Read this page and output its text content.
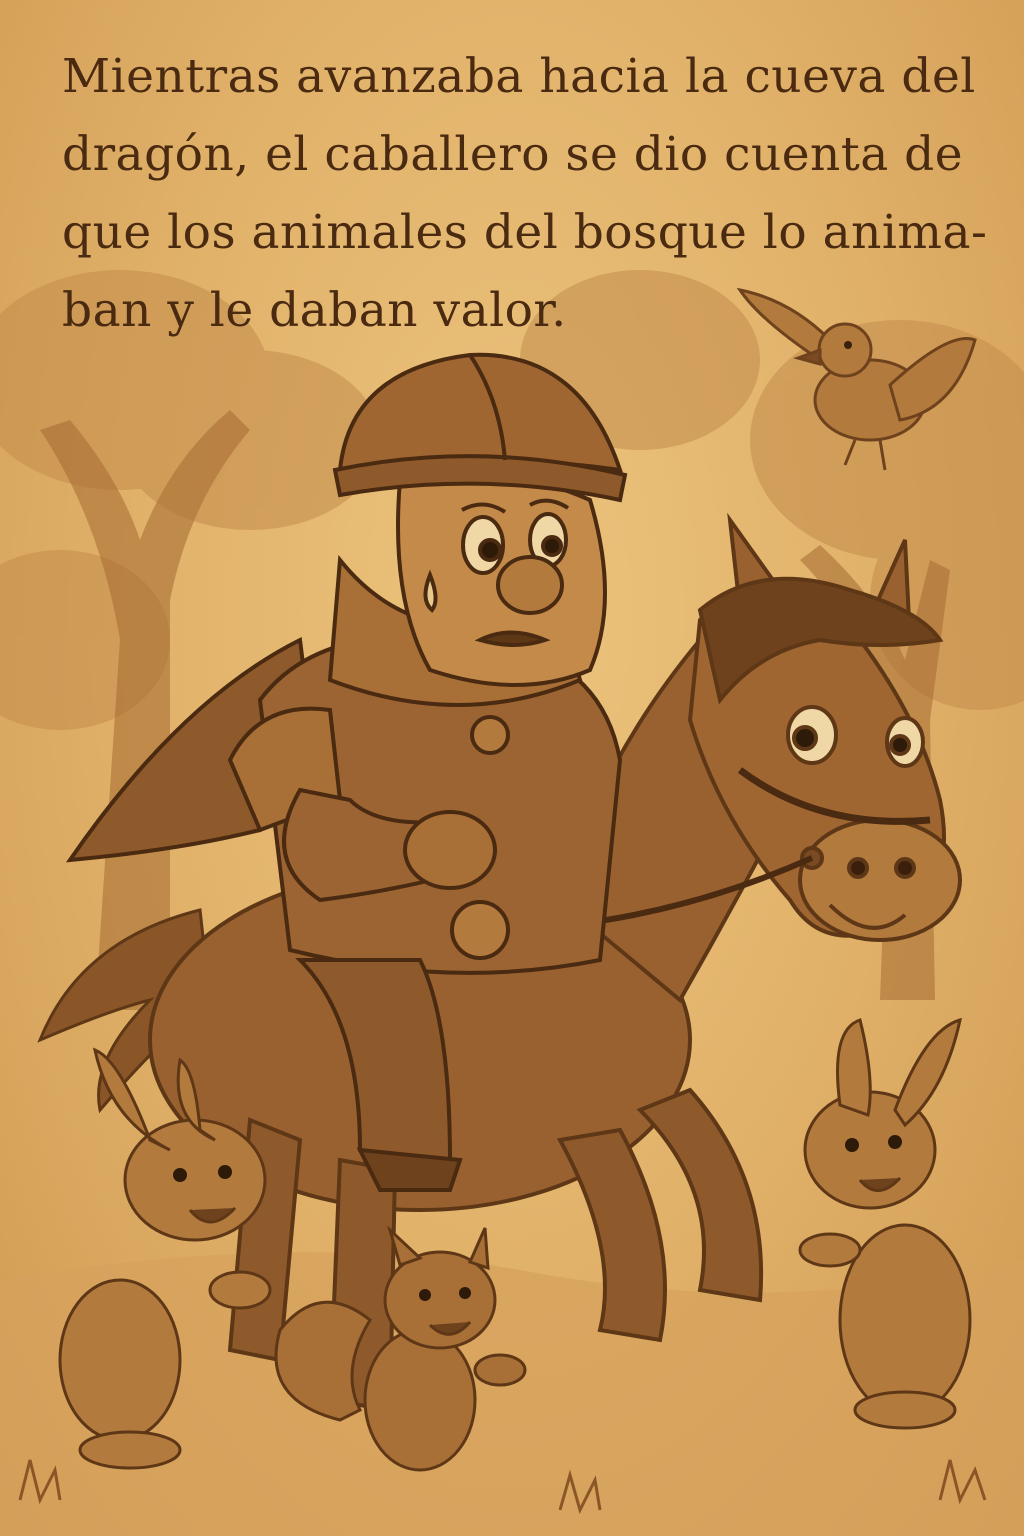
Mientras avanzaba hacia la cueva del
dragón, el caballero se dio cuenta de
que los animales del bosque lo anima-
ban y le daban valor.
